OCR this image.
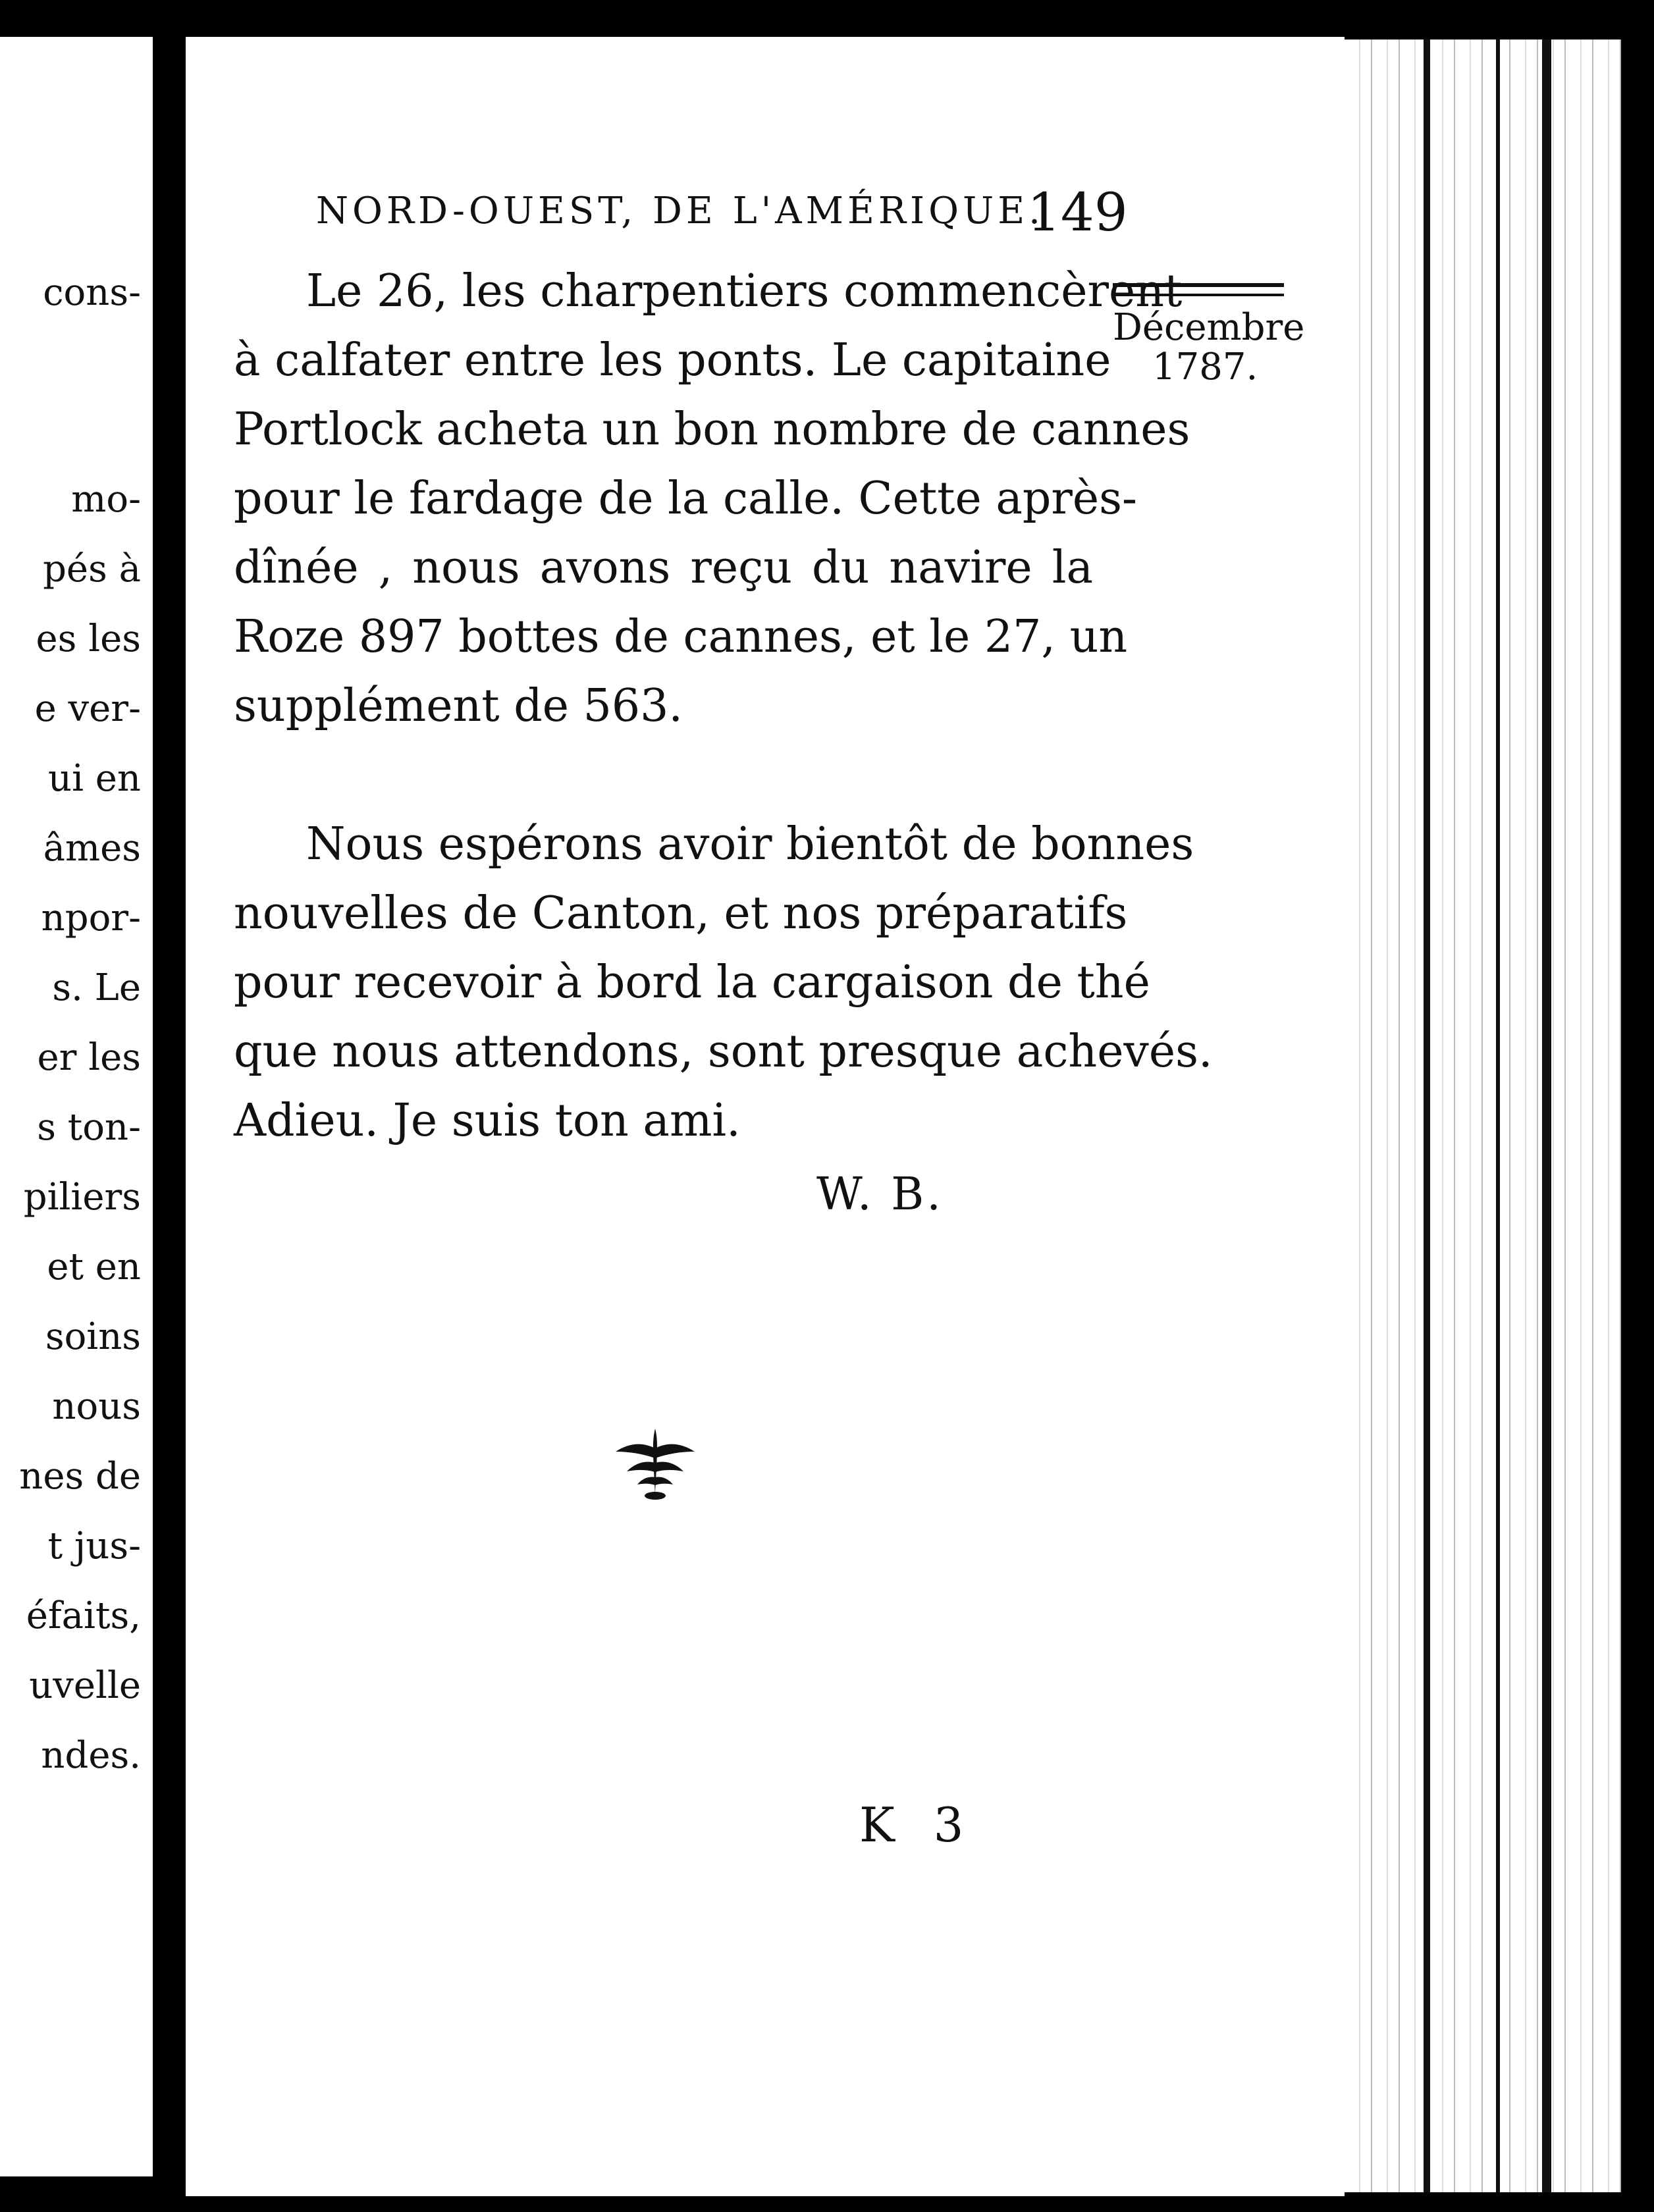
cons-
mo-
pés à
es les
e ver-
ui en
âmes
npor-
s. Le
er les
s ton-
piliers
et en
soins
nous
nes de
t jus-
éfaits,
uvelle
ndes.
NORD-OUEST, DE L'AMÉRIQUE.
149
Décembre
1787.
Le 26, les charpentiers commencèrent
à calfater entre les ponts. Le capitaine
Portlock acheta un bon nombre de cannes
pour le fardage de la calle. Cette après-
dînée , nous avons reçu du navire la
Roze 897 bottes de cannes, et le 27, un
supplément de 563.
Nous espérons avoir bientôt de bonnes
nouvelles de Canton, et nos préparatifs
pour recevoir à bord la cargaison de thé
que nous attendons, sont presque achevés.
Adieu. Je suis ton ami.
W. B.
K 3
